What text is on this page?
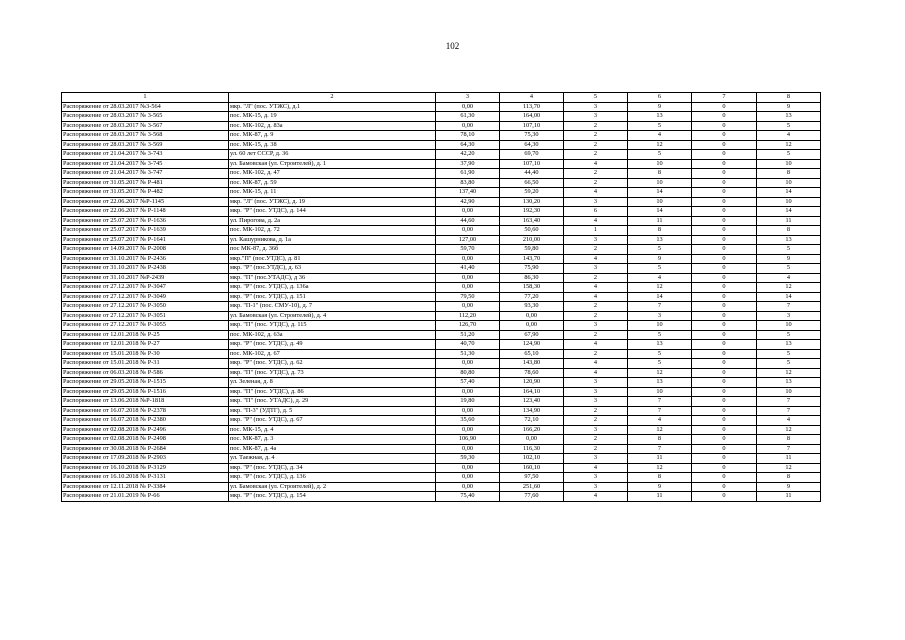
102
1	2	3	4	5	6	7	8
Распоряжение от 28.03.2017 №3-564	мкр. "Л" (пос. УТЖС), д.1	0,00	113,70	3	9	0	9
Распоряжение от 28.03.2017 № 3-565	пос. МК-15, д. 19	61,30	164,00	3	13	0	13
Распоряжение от 28.03.2017 № 3-567	пос. МК-102, д. 83а	0,00	107,10	2	5	0	5
Распоряжение от 28.03.2017 № 3-568	пос. МК-87, д. 9	78,10	75,30	2	4	0	4
Распоряжение от 28.03.2017 № 3-569	пос. МК-15, д. 38	64,30	64,30	2	12	0	12
Распоряжение от 21.04.2017 № 3-743	ул. 60 лет СССР, д. 36	42,20	69,70	2	5	0	5
Распоряжение от 21.04.2017 № 3-745	ул. Бамовская (ул. Строителей), д. 1	37,90	107,10	4	10	0	10
Распоряжение от 21.04.2017 № 3-747	пос. МК-102, д. 47	61,90	44,40	2	8	0	8
Распоряжение от 31.05.2017 № Р-481	пос. МК-87, д. 59	83,80	66,50	2	10	0	10
Распоряжение от 31.05.2017 № Р-482	пос. МК-15, д. 11	137,40	59,20	4	14	0	14
Распоряжение от 22.06.2017 №Р-1145	мкр. "Л" (пос. УТЖС), д. 19	42,90	130,20	3	10	0	10
Распоряжение от 22.06.2017 № Р-1148	мкр. "Р" (пос. УТДС), д. 144	0,00	192,30	6	14	0	14
Распоряжение от 25.07.2017 № Р-1636	ул. Пирогова, д. 2а	44,60	163,40	4	11	0	11
Распоряжение от 25.07.2017 № Р-1639	пос. МК-102, д. 72	0,00	50,60	1	8	0	8
Распоряжение от 25.07.2017 № Р-1641	ул. Кашурникова, д. 1а	127,00	210,00	3	13	0	13
Распоряжение от 14.09.2017 № Р-2008	пос МК-87, д. 36б	59,70	59,80	2	5	0	5
Распоряжение от 31.10.2017 № Р-2436	мкр."П" (пос.УТДС), д. 81	0,00	143,70	4	9	0	9
Распоряжение от 31.10.2017 № Р-2438	мкр. "Р" (пос.УТДС), д. 63	41,40	75,90	3	5	0	5
Распоряжение от 31.10.2017 №Р-2439	мкр. "П" (пос.УТАДС), д 36	0,00	86,30	2	4	0	4
Распоряжение от 27.12.2017 № Р-3047	мкр. "Р" (пос. УТДС), д. 136а	0,00	158,30	4	12	0	12
Распоряжение от 27.12.2017 № Р-3049	мкр. "Р" (пос. УТДС), д. 151	79,50	77,20	4	14	0	14
Распоряжение от 27.12.2017 № Р-3050	мкр. "П-1" (пос. СМУ-10), д. 7	0,00	93,30	2	7	0	7
Распоряжение от 27.12.2017 № Р-3051	ул. Бамовская (ул. Строителей), д. 4	112,20	0,00	2	3	0	3
Распоряжение от 27.12.2017 № Р-3055	мкр. "П" (пос. УТДС), д. 115	126,70	0,00	3	10	0	10
Распоряжение от 12.01.2018 № Р-25	пос. МК-102, д. 63а	51,20	67,90	2	5	0	5
Распоряжение от 12.01.2018 № Р-27	мкр. "Р" (пос. УТДС), д. 49	40,70	124,90	4	13	0	13
Распоряжение от 15.01.2018 № Р-30	пос. МК-102, д. 67	51,30	65,10	2	5	0	5
Распоряжение от 15.01.2018 № Р-31	мкр. "Р" (пос. УТДС), д. 62	0,00	143,80	4	5	0	5
Распоряжение от 06.03.2018 № Р-586	мкр. "П" (пос. УТДС), д. 73	80,80	78,60	4	12	0	12
Распоряжение от 29.05.2018 № Р-1515	ул. Зеленая, д. 8	57,40	120,90	3	13	0	13
Распоряжение от 29.05.2018 № Р-1516	мкр. "П" (пос. УТДС), д. 86	0,00	164,10	3	10	0	10
Распоряжение от 13.06.2018 №Р-1818	мкр. "П" (пос. УТАДС), д. 29	19,80	123,40	3	7	0	7
Распоряжение от 16.07.2018 № Р-2378	мкр. "П-3" (УДТГ), д. 5	0,00	134,90	2	7	0	7
Распоряжение от 16.07.2018 № Р-2380	мкр. "Р" (пос. УТДС), д. 67	35,60	72,10	2	4	0	4
Распоряжение от 02.08.2018 № Р-2496	пос. МК-15, д. 4	0,00	166,20	3	12	0	12
Распоряжение от 02.08.2018 № Р-2498	пос. МК-87, д. 3	106,90	0,00	2	8	0	8
Распоряжение от 30.08.2018 № Р-2684	пос. МК-87, д. 4а	0,00	116,30	2	7	0	7
Распоряжение от 17.09.2018 № Р-2903	ул. Таежная, д. 4	59,30	102,10	3	11	0	11
Распоряжение от 16.10.2018 № Р-3129	мкр. "Р" (пос. УТДС), д. 34	0,00	160,10	4	12	0	12
Распоряжение от 16.10.2018 № Р-3131	мкр. "Р" (пос. УТДС), д. 136	0,00	97,50	3	8	0	8
Распоряжение от 12.11.2018 № Р-3384	ул. Бамовская (ул. Строителей), д. 2	0,00	251,60	3	9	0	9
Распоряжение от 21.01.2019 № Р-66	мкр. "Р" (пос. УТДС), д. 154	75,40	77,60	4	11	0	11
